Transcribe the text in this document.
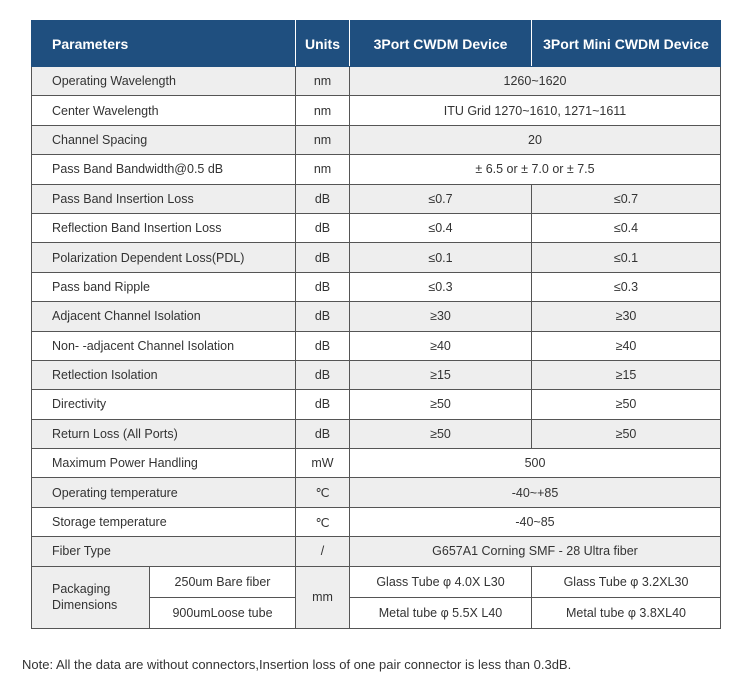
Parameters		Units	3Port CWDM Device	3Port Mini CWDM Device
Operating Wavelength		nm	1260~1620	
Center Wavelength		nm	ITU Grid 1270~1610, 1271~1611	
Channel Spacing		nm	20	
Pass Band Bandwidth@0.5 dB		nm	± 6.5 or ± 7.0 or ± 7.5	
Pass Band Insertion Loss		dB	≤0.7	≤0.7
Reflection Band Insertion Loss		dB	≤0.4	≤0.4
Polarization Dependent Loss(PDL)		dB	≤0.1	≤0.1
Pass band Ripple		dB	≤0.3	≤0.3
Adjacent Channel Isolation		dB	≥30	≥30
Non- -adjacent Channel Isolation		dB	≥40	≥40
Retlection Isolation		dB	≥15	≥15
Directivity		dB	≥50	≥50
Return Loss (All Ports)		dB	≥50	≥50
Maximum Power Handling		mW	500	
Operating temperature		℃	-40~+85	
Storage temperature		℃	-40~85	
Fiber Type		/	G657A1 Corning SMF - 28 Ultra fiber	
Packaging
Dimensions	250um Bare fiber	mm	Glass Tube φ 4.0X L30	Glass Tube φ 3.2XL30
	900umLoose tube		Metal tube φ 5.5X L40	Metal tube φ 3.8XL40
Note: All the data are without connectors,Insertion loss of one pair connector is less than 0.3dB.
